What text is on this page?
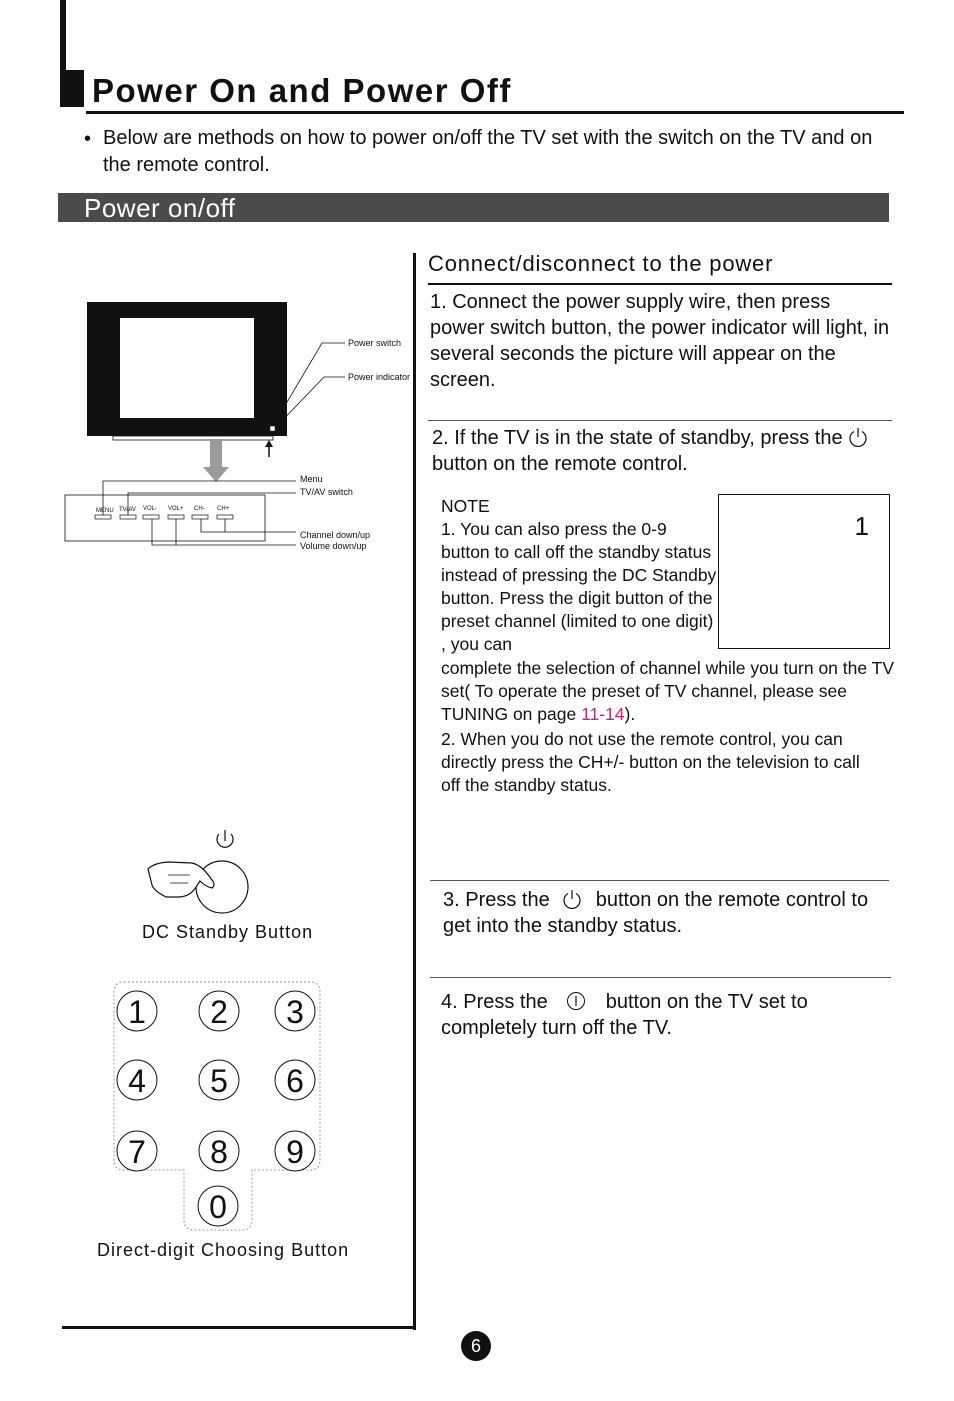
Power On and Power Off
• Below are methods on how to power on/off the TV set with the switch on the TV and on the remote control.
Power on/off
Power switch
Power indicator
MENU TV/AV VOL- VOL+ CH- CH+
Menu
TV/AV switch
Channel down/up
Volume down/up
DC Standby Button
1 2 3
4 5 6
7 8 9
0
Direct-digit Choosing Button
Connect/disconnect to the power
1. Connect the power supply wire, then press power switch button, the power indicator will light, in several seconds the picture will appear on the screen.
2. If the TV is in the state of standby, press the
button on the remote control.
1
NOTE
1. You can also press the 0-9 button to call off the standby status instead of pressing the DC Standby button. Press the digit button of the preset channel (limited to one digit) , you can
complete the selection of channel while you turn on the TV set( To operate the preset of TV channel, please see TUNING on page 11-14).
2. When you do not use the remote control, you can directly press the CH+/- button on the television to call off the standby status.
3. Press the button on the remote control to get into the standby status.
4. Press the	button on the TV set to completely turn off the TV.
6
